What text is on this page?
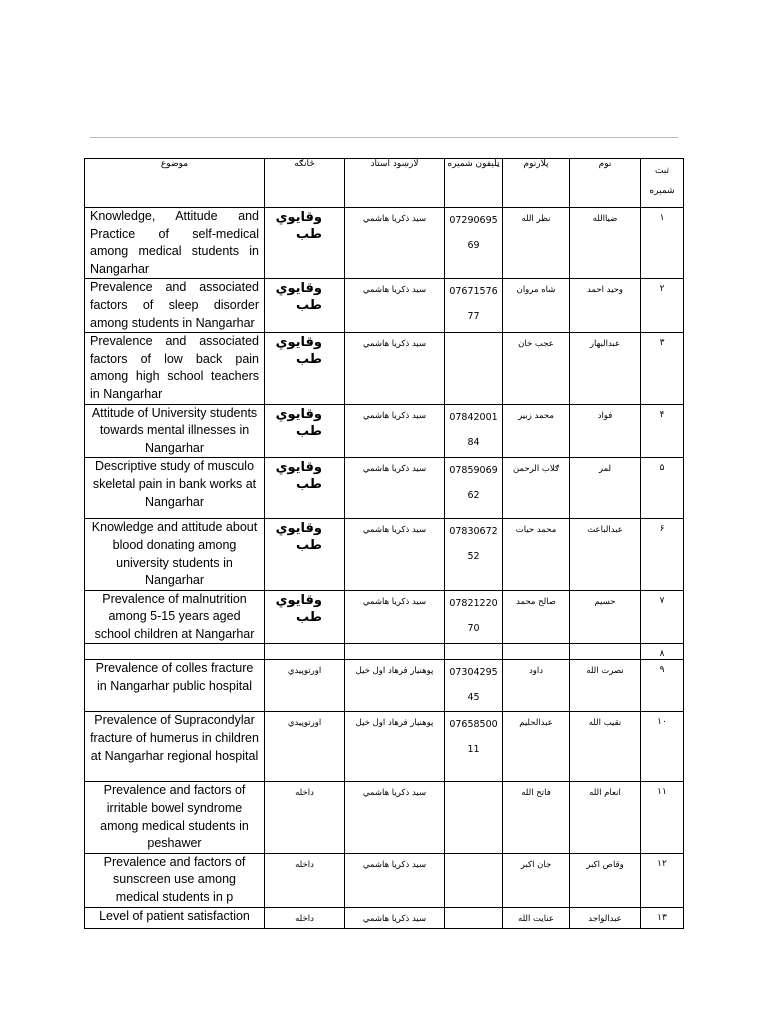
موضوع	څانګه	لارښود استاد	ټلیفون شمیره	پلارنوم	نوم	ثبت شمیره
Knowledge, Attitude and Practice of self-medical among medical students in Nangarhar	وقایوي طب	سید ذکریا هاشمي	07290695 69	نظر الله	ضیاالله	۱
Prevalence and associated factors of sleep disorder among students in Nangarhar	وقایوي طب	سید ذکریا هاشمي	07671576 77	شاه مروان	وحید احمد	۲
Prevalence and associated factors of low back pain among high school teachers in Nangarhar	وقایوي طب	سید ذکریا هاشمي		عجب خان	عبدالبهار	۳
Attitude of University students towards mental illnesses in Nangarhar	وقایوي طب	سید ذکریا هاشمي	07842001 84	محمد زبیر	فواد	۴
Descriptive study of musculo skeletal pain in bank works at Nangarhar	وقایوي طب	سید ذکریا هاشمي	07859069 62	ګلاب الرحمن	لمر	۵
Knowledge and attitude about blood donating among university students in Nangarhar	وقایوي طب	سید ذکریا هاشمي	07830672 52	محمد حیات	عبدالباعث	۶
Prevalence of malnutrition among 5-15 years aged school children at Nangarhar	وقایوي طب	سید ذکریا هاشمي	07821220 70	صالح محمد	حسیم	۷
						۸
Prevalence of colles fracture in Nangarhar public hospital	اورتوپیدي	پوهنیار فرهاد اول خیل	07304295 45	داود	نصرت الله	۹
Prevalence of Supracondylar fracture of humerus in children at Nangarhar regional hospital	اورتوپیدي	پوهنیار فرهاد اول خیل	07658500 11	عبدالحلیم	نقیب الله	۱۰
Prevalence and factors of irritable bowel syndrome among medical students in peshawer	داخله	سید ذکریا هاشمي		فاتح الله	انعام الله	۱۱
Prevalence and factors of sunscreen use among medical students in p	داخله	سید ذکریا هاشمي		جان اکبر	وقاص اکبر	۱۲
Level of patient satisfaction	داخله	سید ذکریا هاشمي		عنایت الله	عبدالواجد	۱۳
